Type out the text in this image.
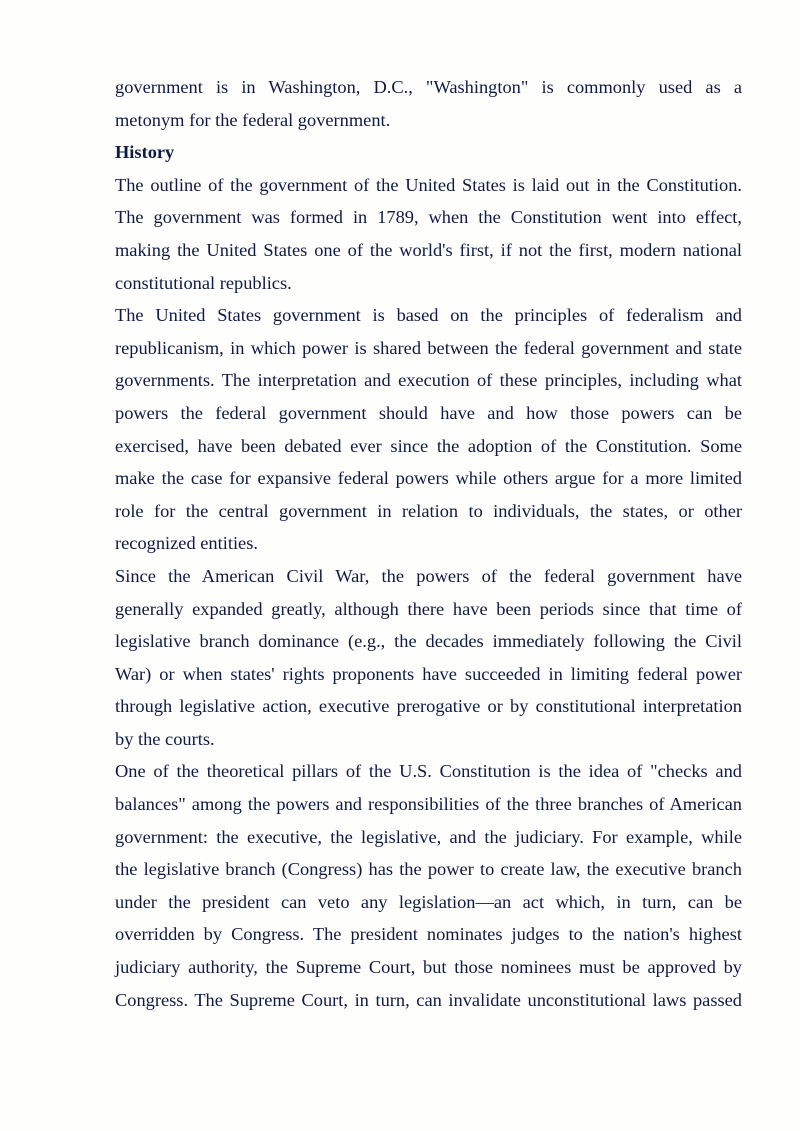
government is in Washington, D.C., "Washington" is commonly used as a
metonym for the federal government.
History
The outline of the government of the United States is laid out in the Constitution.
The government was formed in 1789, when the Constitution went into effect,
making the United States one of the world's first, if not the first, modern national
constitutional republics.
The United States government is based on the principles of federalism and
republicanism, in which power is shared between the federal government and state
governments. The interpretation and execution of these principles, including what
powers the federal government should have and how those powers can be
exercised, have been debated ever since the adoption of the Constitution. Some
make the case for expansive federal powers while others argue for a more limited
role for the central government in relation to individuals, the states, or other
recognized entities.
Since the American Civil War, the powers of the federal government have
generally expanded greatly, although there have been periods since that time of
legislative branch dominance (e.g., the decades immediately following the Civil
War) or when states' rights proponents have succeeded in limiting federal power
through legislative action, executive prerogative or by constitutional interpretation
by the courts.
One of the theoretical pillars of the U.S. Constitution is the idea of "checks and
balances" among the powers and responsibilities of the three branches of American
government: the executive, the legislative, and the judiciary. For example, while
the legislative branch (Congress) has the power to create law, the executive branch
under the president can veto any legislation—an act which, in turn, can be
overridden by Congress. The president nominates judges to the nation's highest
judiciary authority, the Supreme Court, but those nominees must be approved by
Congress. The Supreme Court, in turn, can invalidate unconstitutional laws passed
